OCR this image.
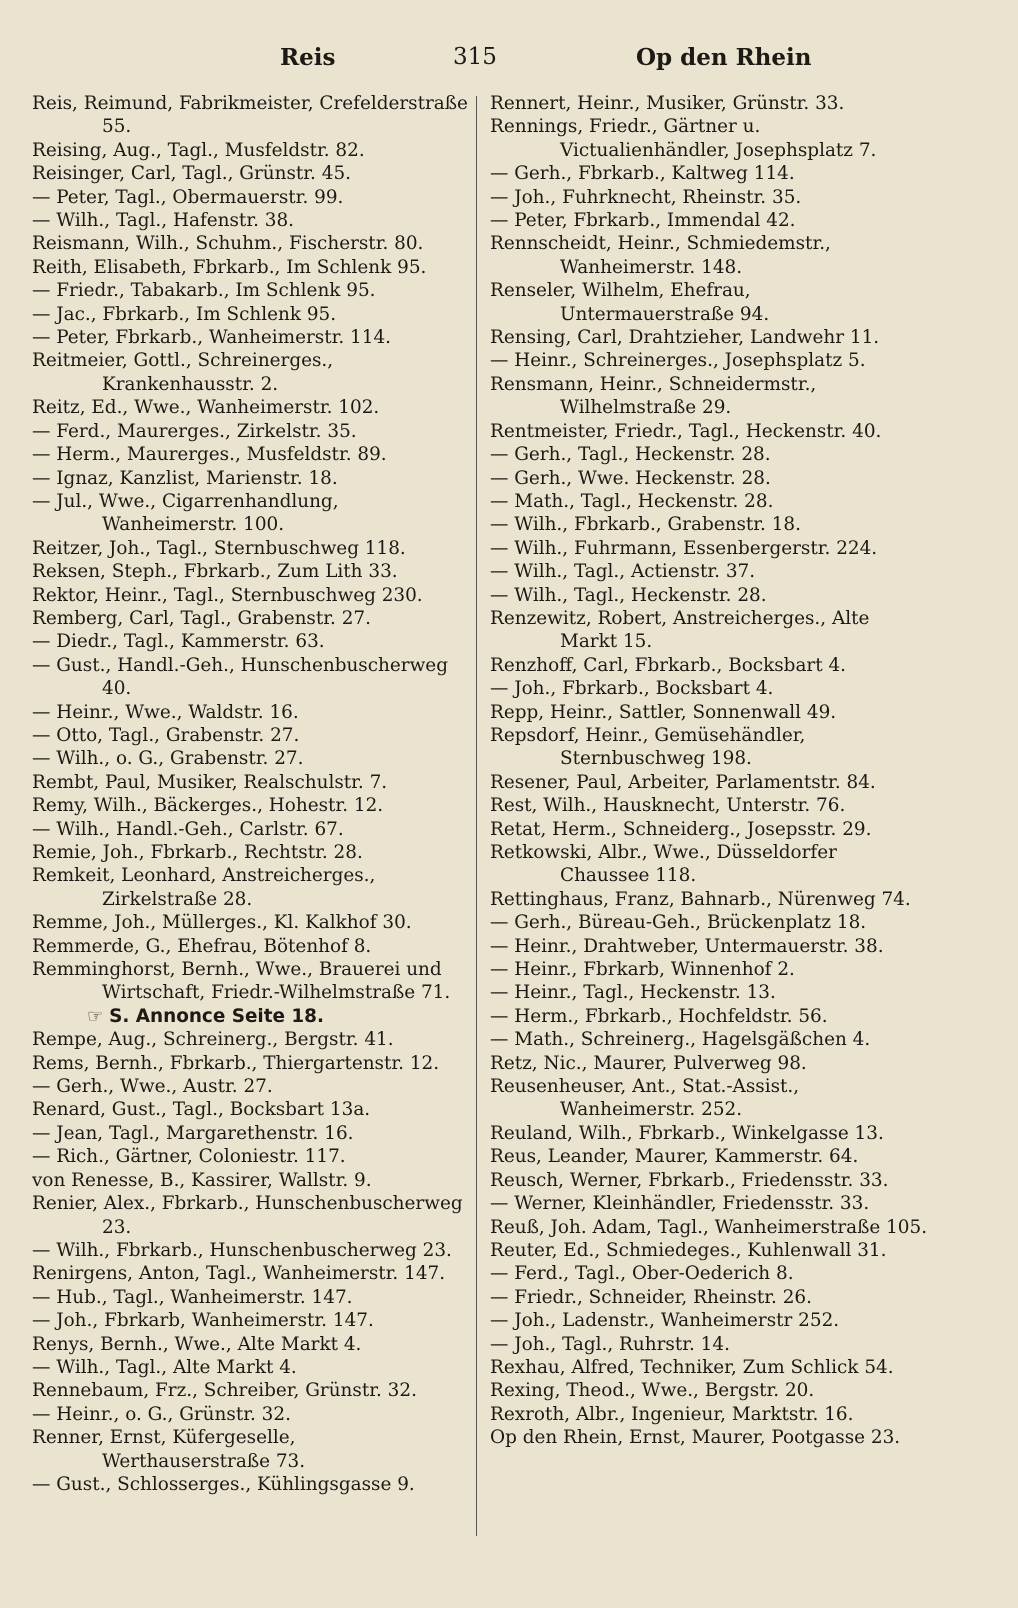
Reis	315	Op den Rhein
Reis, Reimund, Fabrikmeister, Crefelderstraße 55.
Reising, Aug., Tagl., Musfeldstr. 82.
Reisinger, Carl, Tagl., Grünstr. 45.
— Peter, Tagl., Obermauerstr. 99.
— Wilh., Tagl., Hafenstr. 38.
Reismann, Wilh., Schuhm., Fischerstr. 80.
Reith, Elisabeth, Fbrkarb., Im Schlenk 95.
— Friedr., Tabakarb., Im Schlenk 95.
— Jac., Fbrkarb., Im Schlenk 95.
— Peter, Fbrkarb., Wanheimerstr. 114.
Reitmeier, Gottl., Schreinerges., Krankenhausstr. 2.
Reitz, Ed., Wwe., Wanheimerstr. 102.
— Ferd., Maurerges., Zirkelstr. 35.
— Herm., Maurerges., Musfeldstr. 89.
— Ignaz, Kanzlist, Marienstr. 18.
— Jul., Wwe., Cigarrenhandlung, Wanheimerstr. 100.
Reitzer, Joh., Tagl., Sternbuschweg 118.
Reksen, Steph., Fbrkarb., Zum Lith 33.
Rektor, Heinr., Tagl., Sternbuschweg 230.
Remberg, Carl, Tagl., Grabenstr. 27.
— Diedr., Tagl., Kammerstr. 63.
— Gust., Handl.-Geh., Hunschenbuscherweg 40.
— Heinr., Wwe., Waldstr. 16.
— Otto, Tagl., Grabenstr. 27.
— Wilh., o. G., Grabenstr. 27.
Rembt, Paul, Musiker, Realschulstr. 7.
Remy, Wilh., Bäckerges., Hohestr. 12.
— Wilh., Handl.-Geh., Carlstr. 67.
Remie, Joh., Fbrkarb., Rechtstr. 28.
Remkeit, Leonhard, Anstreicherges., Zirkelstraße 28.
Remme, Joh., Müllerges., Kl. Kalkhof 30.
Remmerde, G., Ehefrau, Bötenhof 8.
Remminghorst, Bernh., Wwe., Brauerei und Wirtschaft, Friedr.-Wilhelmstraße 71.
☞ S. Annonce Seite 18.
Rempe, Aug., Schreinerg., Bergstr. 41.
Rems, Bernh., Fbrkarb., Thiergartenstr. 12.
— Gerh., Wwe., Austr. 27.
Renard, Gust., Tagl., Bocksbart 13a.
— Jean, Tagl., Margarethenstr. 16.
— Rich., Gärtner, Coloniestr. 117.
von Renesse, B., Kassirer, Wallstr. 9.
Renier, Alex., Fbrkarb., Hunschenbuscherweg 23.
— Wilh., Fbrkarb., Hunschenbuscherweg 23.
Renirgens, Anton, Tagl., Wanheimerstr. 147.
— Hub., Tagl., Wanheimerstr. 147.
— Joh., Fbrkarb, Wanheimerstr. 147.
Renys, Bernh., Wwe., Alte Markt 4.
— Wilh., Tagl., Alte Markt 4.
Rennebaum, Frz., Schreiber, Grünstr. 32.
— Heinr., o. G., Grünstr. 32.
Renner, Ernst, Küfergeselle, Werthauserstraße 73.
— Gust., Schlosserges., Kühlingsgasse 9.
Rennert, Heinr., Musiker, Grünstr. 33.
Rennings, Friedr., Gärtner u. Victualienhändler, Josephsplatz 7.
— Gerh., Fbrkarb., Kaltweg 114.
— Joh., Fuhrknecht, Rheinstr. 35.
— Peter, Fbrkarb., Immendal 42.
Rennscheidt, Heinr., Schmiedemstr., Wanheimerstr. 148.
Renseler, Wilhelm, Ehefrau, Untermauerstraße 94.
Rensing, Carl, Drahtzieher, Landwehr 11.
— Heinr., Schreinerges., Josephsplatz 5.
Rensmann, Heinr., Schneidermstr., Wilhelmstraße 29.
Rentmeister, Friedr., Tagl., Heckenstr. 40.
— Gerh., Tagl., Heckenstr. 28.
— Gerh., Wwe. Heckenstr. 28.
— Math., Tagl., Heckenstr. 28.
— Wilh., Fbrkarb., Grabenstr. 18.
— Wilh., Fuhrmann, Essenbergerstr. 224.
— Wilh., Tagl., Actienstr. 37.
— Wilh., Tagl., Heckenstr. 28.
Renzewitz, Robert, Anstreicherges., Alte Markt 15.
Renzhoff, Carl, Fbrkarb., Bocksbart 4.
— Joh., Fbrkarb., Bocksbart 4.
Repp, Heinr., Sattler, Sonnenwall 49.
Repsdorf, Heinr., Gemüsehändler, Sternbuschweg 198.
Resener, Paul, Arbeiter, Parlamentstr. 84.
Rest, Wilh., Hausknecht, Unterstr. 76.
Retat, Herm., Schneiderg., Josepsstr. 29.
Retkowski, Albr., Wwe., Düsseldorfer Chaussee 118.
Rettinghaus, Franz, Bahnarb., Nürenweg 74.
— Gerh., Büreau-Geh., Brückenplatz 18.
— Heinr., Drahtweber, Untermauerstr. 38.
— Heinr., Fbrkarb, Winnenhof 2.
— Heinr., Tagl., Heckenstr. 13.
— Herm., Fbrkarb., Hochfeldstr. 56.
— Math., Schreinerg., Hagelsgäßchen 4.
Retz, Nic., Maurer, Pulverweg 98.
Reusenheuser, Ant., Stat.-Assist., Wanheimerstr. 252.
Reuland, Wilh., Fbrkarb., Winkelgasse 13.
Reus, Leander, Maurer, Kammerstr. 64.
Reusch, Werner, Fbrkarb., Friedensstr. 33.
— Werner, Kleinhändler, Friedensstr. 33.
Reuß, Joh. Adam, Tagl., Wanheimerstraße 105.
Reuter, Ed., Schmiedeges., Kuhlenwall 31.
— Ferd., Tagl., Ober-Oederich 8.
— Friedr., Schneider, Rheinstr. 26.
— Joh., Ladenstr., Wanheimerstr 252.
— Joh., Tagl., Ruhrstr. 14.
Rexhau, Alfred, Techniker, Zum Schlick 54.
Rexing, Theod., Wwe., Bergstr. 20.
Rexroth, Albr., Ingenieur, Marktstr. 16.
Op den Rhein, Ernst, Maurer, Pootgasse 23.
